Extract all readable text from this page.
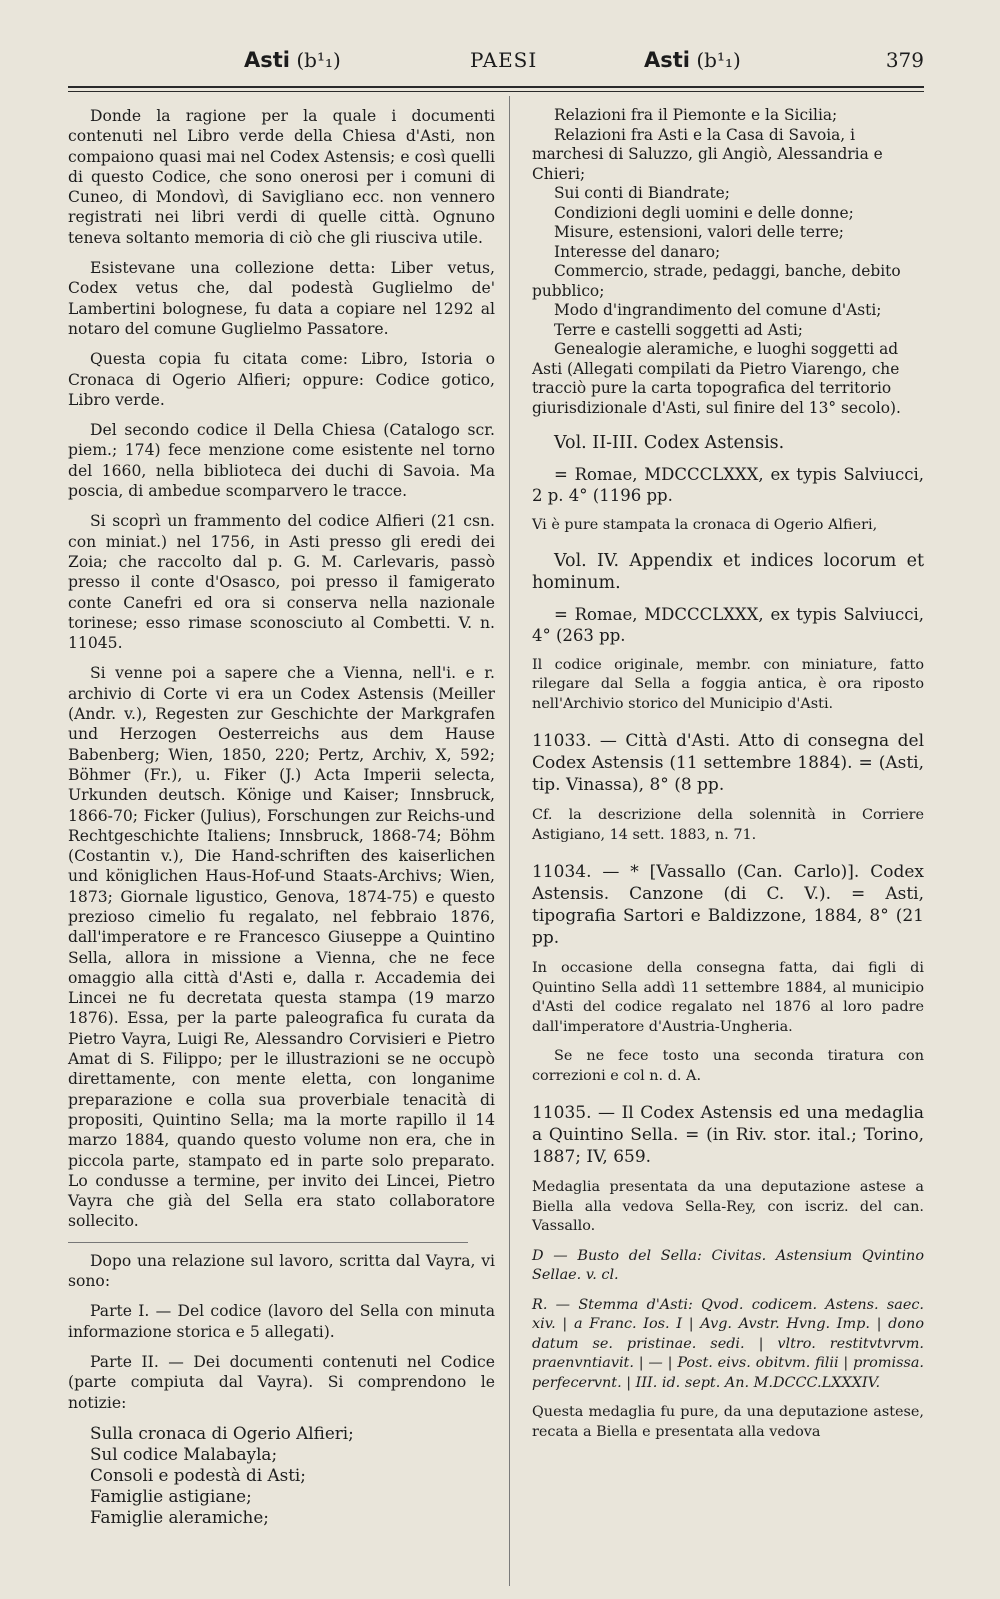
Asti (b¹₁)	PAESI	Asti (b¹₁)	379

Donde la ragione per la quale i documenti contenuti nel Libro verde della Chiesa d'Asti, non compaiono quasi mai nel Codex Astensis; e così quelli di questo Codice, che sono onerosi per i comuni di Cuneo, di Mondovì, di Savigliano ecc. non vennero registrati nei libri verdi di quelle città. Ognuno teneva soltanto memoria di ciò che gli riusciva utile.

Esistevane una collezione detta: Liber vetus, Codex vetus che, dal podestà Guglielmo de' Lambertini bolognese, fu data a copiare nel 1292 al notaro del comune Guglielmo Passatore.

Questa copia fu citata come: Libro, Istoria o Cronaca di Ogerio Alfieri; oppure: Codice gotico, Libro verde.

Del secondo codice il Della Chiesa (Catalogo scr. piem.; 174) fece menzione come esistente nel torno del 1660, nella biblioteca dei duchi di Savoia. Ma poscia, di ambedue scomparvero le tracce.

Si scoprì un frammento del codice Alfieri (21 csn. con miniat.) nel 1756, in Asti presso gli eredi dei Zoia; che raccolto dal p. G. M. Carlevaris, passò presso il conte d'Osasco, poi presso il famigerato conte Canefri ed ora si conserva nella nazionale torinese; esso rimase sconosciuto al Combetti. V. n. 11045.

Si venne poi a sapere che a Vienna, nell'i. e r. archivio di Corte vi era un Codex Astensis (Meiller (Andr. v.), Regesten zur Geschichte der Markgrafen und Herzogen Oesterreichs aus dem Hause Babenberg; Wien, 1850, 220; Pertz, Archiv, X, 592; Böhmer (Fr.), u. Fiker (J.) Acta Imperii selecta, Urkunden deutsch. Könige und Kaiser; Innsbruck, 1866-70; Ficker (Julius), Forschungen zur Reichs-und Rechtgeschichte Italiens; Innsbruck, 1868-74; Böhm (Costantin v.), Die Hand-schriften des kaiserlichen und königlichen Haus-Hof-und Staats-Archivs; Wien, 1873; Giornale ligustico, Genova, 1874-75) e questo prezioso cimelio fu regalato, nel febbraio 1876, dall'imperatore e re Francesco Giuseppe a Quintino Sella, allora in missione a Vienna, che ne fece omaggio alla città d'Asti e, dalla r. Accademia dei Lincei ne fu decretata questa stampa (19 marzo 1876). Essa, per la parte paleografica fu curata da Pietro Vayra, Luigi Re, Alessandro Corvisieri e Pietro Amat di S. Filippo; per le illustrazioni se ne occupò direttamente, con mente eletta, con longanime preparazione e colla sua proverbiale tenacità di propositi, Quintino Sella; ma la morte rapillo il 14 marzo 1884, quando questo volume non era, che in piccola parte, stampato ed in parte solo preparato. Lo condusse a termine, per invito dei Lincei, Pietro Vayra che già del Sella era stato collaboratore sollecito.

Dopo una relazione sul lavoro, scritta dal Vayra, vi sono:

Parte I. — Del codice (lavoro del Sella con minuta informazione storica e 5 allegati).

Parte II. — Dei documenti contenuti nel Codice (parte compiuta dal Vayra). Si comprendono le notizie:

Sulla cronaca di Ogerio Alfieri;
Sul codice Malabayla;
Consoli e podestà di Asti;
Famiglie astigiane;
Famiglie aleramiche;
Relazioni fra il Piemonte e la Sicilia;
Relazioni fra Asti e la Casa di Savoia, i marchesi di Saluzzo, gli Angiò, Alessandria e Chieri;
Sui conti di Biandrate;
Condizioni degli uomini e delle donne;
Misure, estensioni, valori delle terre;
Interesse del danaro;
Commercio, strade, pedaggi, banche, debito pubblico;
Modo d'ingrandimento del comune d'Asti;
Terre e castelli soggetti ad Asti;
Genealogie aleramiche, e luoghi soggetti ad Asti (Allegati compilati da Pietro Viarengo, che tracciò pure la carta topografica del territorio giurisdizionale d'Asti, sul finire del 13° secolo).

Vol. II-III. Codex Astensis.

= Romae, MDCCCLXXX, ex typis Salviucci, 2 p. 4° (1196 pp.

Vi è pure stampata la cronaca di Ogerio Alfieri,

Vol. IV. Appendix et indices locorum et hominum.

= Romae, MDCCCLXXX, ex typis Salviucci, 4° (263 pp.

Il codice originale, membr. con miniature, fatto rilegare dal Sella a foggia antica, è ora riposto nell'Archivio storico del Municipio d'Asti.

11033. — Città d'Asti. Atto di consegna del Codex Astensis (11 settembre 1884). = (Asti, tip. Vinassa), 8° (8 pp.

Cf. la descrizione della solennità in Corriere Astigiano, 14 sett. 1883, n. 71.

11034. — * [Vassallo (Can. Carlo)]. Codex Astensis. Canzone (di C. V.). = Asti, tipografia Sartori e Baldizzone, 1884, 8° (21 pp.

In occasione della consegna fatta, dai figli di Quintino Sella addì 11 settembre 1884, al municipio d'Asti del codice regalato nel 1876 al loro padre dall'imperatore d'Austria-Ungheria.

Se ne fece tosto una seconda tiratura con correzioni e col n. d. A.

11035. — Il Codex Astensis ed una medaglia a Quintino Sella. = (in Riv. stor. ital.; Torino, 1887; IV, 659.

Medaglia presentata da una deputazione astese a Biella alla vedova Sella-Rey, con iscriz. del can. Vassallo.

D — Busto del Sella: Civitas. Astensium Qvintino Sellae. v. cl.

R. — Stemma d'Asti: Qvod. codicem. Astens. saec. xiv. | a Franc. Ios. I | Avg. Avstr. Hvng. Imp. | dono datum se. pristinae. sedi. | vltro. restitvtvrvm. praenvntiavit. | — | Post. eivs. obitvm. filii | promissa. perfecervnt. | III. id. sept. An. M.DCCC.LXXXIV.

Questa medaglia fu pure, da una deputazione astese, recata a Biella e presentata alla vedova
